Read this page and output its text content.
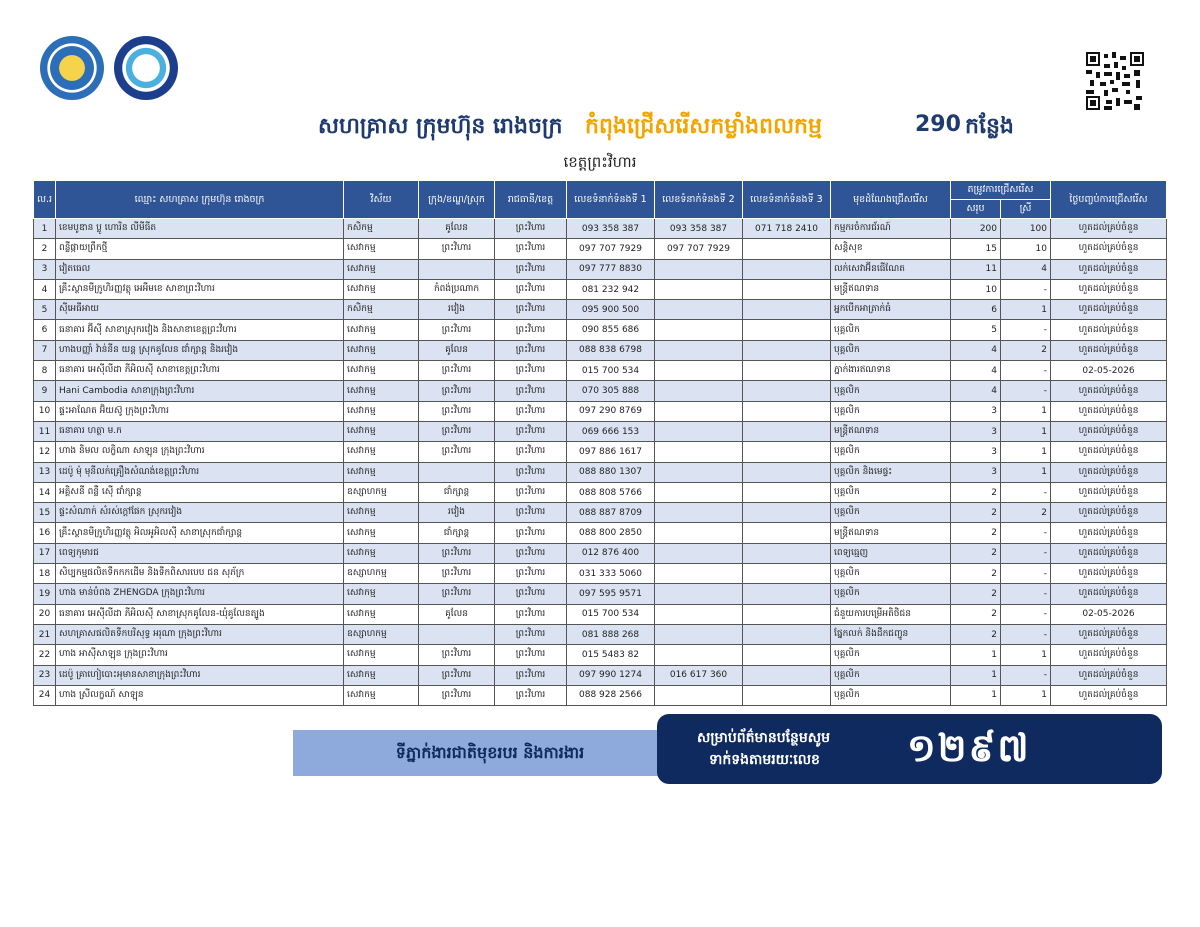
សហគ្រាស ក្រុមហ៊ុន រោងចក្រ កំពុងជ្រើសរើសកម្លាំងពលកម្ម	290 កន្លែង
ខេត្តព្រះវិហារ
ល.រ	ឈ្មោះ សហគ្រាស ក្រុមហ៊ុន រោងចក្រ	វិស័យ	ក្រុង/ខណ្ឌ/ស្រុក	រាជធានី/ខេត្ត	លេខទំនាក់ទំនងទី 1	លេខទំនាក់ទំនងទី 2	លេខទំនាក់ទំនងទី 3	មុខដំណែងជ្រើសរើស	តម្រូវការជ្រើសរើស		ថ្ងៃបញ្ចប់ការជ្រើសរើស
									សរុប	ស្រី	
1	ខេមបូឌាន ប្លូ ហោរិន លីមីធីត	កសិកម្ម	គូលែន	ព្រះវិហារ	093 358 387	093 358 387	071 718 2410	កម្មករចំការជ័រណ៍	200	100	ហួតដល់គ្រប់ចំនួន
2	ពន្លឺផ្កាយព្រឹកថ្មី	សេវាកម្ម	ព្រះវិហារ	ព្រះវិហារ	097 707 7929	097 707 7929		សន្តិសុខ	15	10	ហួតដល់គ្រប់ចំនួន
3	វៀតធេល	សេវាកម្ម		ព្រះវិហារ	097 777 8830			លក់សេវាអ៊ីនធើណែត	11	4	ហួតដល់គ្រប់ចំនួន
4	គ្រឹះស្ថានមីក្រូហិរញ្ញវត្ថុ អេអឹមខេ សាខាព្រះវិហារ	សេវាកម្ម	កំពង់ប្រណាក	ព្រះវិហារ	081 232 942			មន្ត្រីឥណទាន	10	-	ហួតដល់គ្រប់ចំនួន
5	ស៊ីអេធីអាយ	កសិកម្ម	រវៀង	ព្រះវិហារ	095 900 500			អ្នកបើកអាត្រាក់ធំ	6	1	ហួតដល់គ្រប់ចំនួន
6	ធនាគារ អ៊ីស៊ី សាខាស្រុករវៀង និងសាខាខេត្តព្រះវិហារ	សេវាកម្ម	ព្រះវិហារ	ព្រះវិហារ	090 855 686			បុគ្គលិក	5	-	ហួតដល់គ្រប់ចំនួន
7	ហាងបញ្ញាំ វ៉ាន់នីន យន្ត ស្រុកគូលែន ជាំក្សាន្ត និងរវៀង	សេវាកម្ម	គូលែន	ព្រះវិហារ	088 838 6798			បុគ្គលិក	4	2	ហួតដល់គ្រប់ចំនួន
8	ធនាគារ អេស៊ីលីដា ភីអិលស៊ី សាខាខេត្តព្រះវិហារ	សេវាកម្ម	ព្រះវិហារ	ព្រះវិហារ	015 700 534			ភ្នាក់ងារឥណទាន	4	-	02-05-2026
9	Hani Cambodia សាខាក្រុងព្រះវិហារ	សេវាកម្ម	ព្រះវិហារ	ព្រះវិហារ	070 305 888			បុគ្គលិក	4	-	ហួតដល់គ្រប់ចំនួន
10	ផ្ទះអាណែត អ៊ិយស៊ូ ក្រុងព្រះវិហារ	សេវាកម្ម	ព្រះវិហារ	ព្រះវិហារ	097 290 8769			បុគ្គលិក	3	1	ហួតដល់គ្រប់ចំនួន
11	ធនាគារ ហត្ថា ម.ក	សេវាកម្ម	ព្រះវិហារ	ព្រះវិហារ	069 666 153			មន្ត្រីឥណទាន	3	1	ហួតដល់គ្រប់ចំនួន
12	ហាង និមល លក្ខិណា សាឡុន ក្រុងព្រះវិហារ	សេវាកម្ម	ព្រះវិហារ	ព្រះវិហារ	097 886 1617			បុគ្គលិក	3	1	ហួតដល់គ្រប់ចំនួន
13	ដេប៉ូ ម៉ុ មុនីលក់គ្រឿងសំណង់ខេត្តព្រះវិហារ	សេវាកម្ម		ព្រះវិហារ	088 880 1307			បុគ្គលិក និងមេផ្ទះ	3	1	ហួតដល់គ្រប់ចំនួន
14	អគ្គិសនី ពន្លឺ ស៊ើ ជាំក្សាន្ត	ឧស្សាហកម្ម	ជាំក្សាន្ត	ព្រះវិហារ	088 808 5766			បុគ្គលិក	2	-	ហួតដល់គ្រប់ចំនួន
15	ផ្ទះសំណាក់ សំរស់ក្តៅផែក ស្រុករវៀង	សេវាកម្ម	រវៀង	ព្រះវិហារ	088 887 8709			បុគ្គលិក	2	2	ហួតដល់គ្រប់ចំនួន
16	គ្រឹះស្ថានមីក្រូហិរញ្ញវត្ថុ អិលអូអិលស៊ី សាខាស្រុកជាំក្សាន្ត	សេវាកម្ម	ជាំក្សាន្ត	ព្រះវិហារ	088 800 2850			មន្ត្រីឥណទាន	2	-	ហួតដល់គ្រប់ចំនួន
17	ពេទ្យកុមារជ	សេវាកម្ម	ព្រះវិហារ	ព្រះវិហារ	012 876 400			ពេទ្យធ្មេញ	2	-	ហួតដល់គ្រប់ចំនួន
18	សិប្បកម្មផលិតទឹកកកដើម និងទឹកពិសារបេប ជន សុភ័ក្រ	ឧស្សាហកម្ម	ព្រះវិហារ	ព្រះវិហារ	031 333 5060			បុគ្គលិក	2	-	ហួតដល់គ្រប់ចំនួន
19	ហាង មាន់បំពង ZHENGDA ក្រុងព្រះវិហារ	សេវាកម្ម	ព្រះវិហារ	ព្រះវិហារ	097 595 9571			បុគ្គលិក	2	-	ហួតដល់គ្រប់ចំនួន
20	ធនាគារ អេស៊ីលីដា ភីអិលស៊ី សាខាស្រុកគូលែន-ឃុំគូលែនត្បូង	សេវាកម្ម	គូលែន	ព្រះវិហារ	015 700 534			ជំនួយការបម្រើអតិថិជន	2	-	02-05-2026
21	សហគ្រាសផលិតទឹកបរិសុទ្ធ អរុណា ក្រុងព្រះវិហារ	ឧស្សាហកម្ម		ព្រះវិហារ	081 888 268			ផ្នែកលក់ និងដឹកជញ្ជូន	2	-	ហួតដល់គ្រប់ចំនួន
22	ហាង អាស៊ីសាឡុន ក្រុងព្រះវិហារ	សេវាកម្ម	ព្រះវិហារ	ព្រះវិហារ	015 5483 82			បុគ្គលិក	1	1	ហួតដល់គ្រប់ចំនួន
23	ដេប៉ូ គ្រាហៀបោះអុមានសាខាក្រុងព្រះវិហារ	សេវាកម្ម	ព្រះវិហារ	ព្រះវិហារ	097 990 1274	016 617 360		បុគ្គលិក	1	-	ហួតដល់គ្រប់ចំនួន
24	ហាង ស្រីលក្ខណ៍ សាឡុន	សេវាកម្ម	ព្រះវិហារ	ព្រះវិហារ	088 928 2566			បុគ្គលិក	1	1	ហួតដល់គ្រប់ចំនួន
ទីភ្នាក់ងារជាតិមុខរបរ និងការងារ
សម្រាប់ព័ត៌មានបន្ថែមសូម
ទាក់ទងតាមរយៈលេខ ១២៩៧
